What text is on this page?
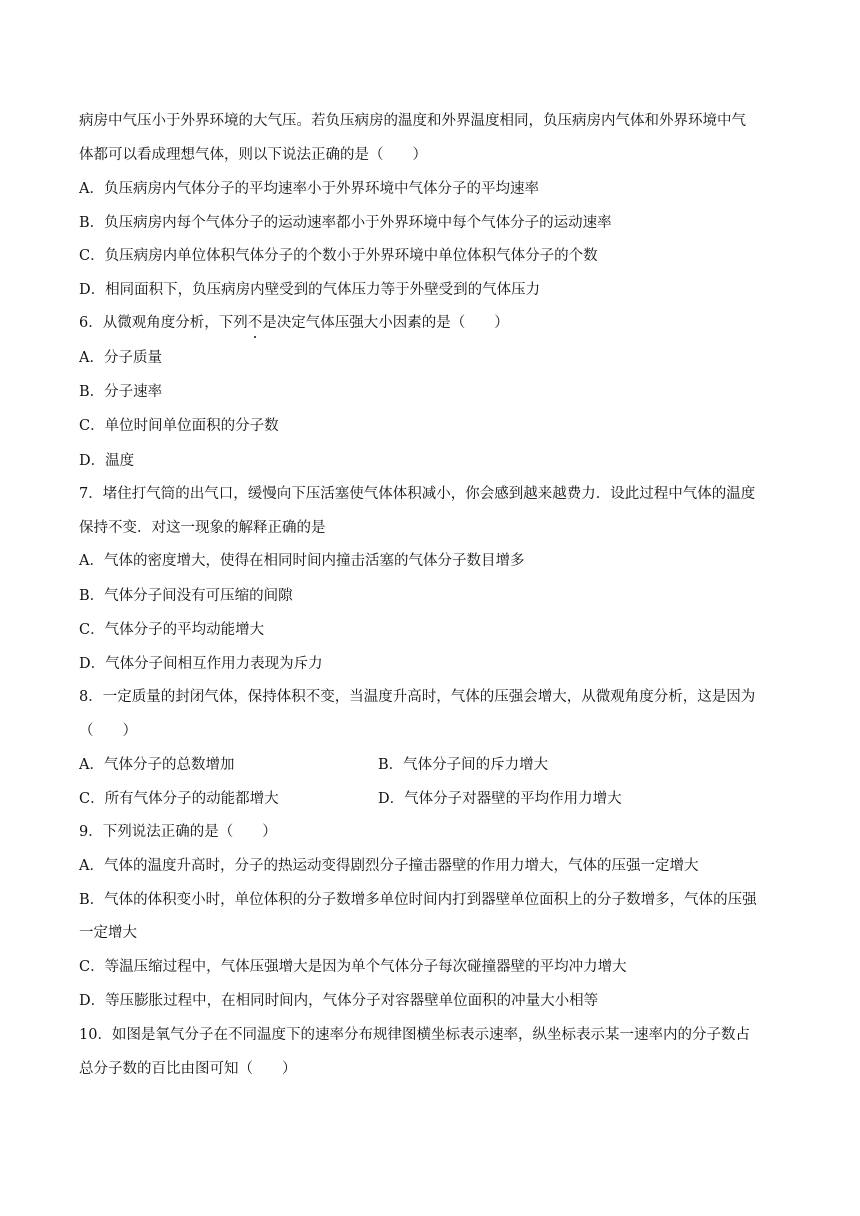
病房中气压小于外界环境的大气压。若负压病房的温度和外界温度相同，负压病房内气体和外界环境中气
体都可以看成理想气体，则以下说法正确的是（　　）
A．负压病房内气体分子的平均速率小于外界环境中气体分子的平均速率
B．负压病房内每个气体分子的运动速率都小于外界环境中每个气体分子的运动速率
C．负压病房内单位体积气体分子的个数小于外界环境中单位体积气体分子的个数
D．相同面积下，负压病房内壁受到的气体压力等于外壁受到的气体压力
6．从微观角度分析，下列不是决定气体压强大小因素的是（　　）
A．分子质量
B．分子速率
C．单位时间单位面积的分子数
D．温度
7．堵住打气筒的出气口，缓慢向下压活塞使气体体积减小，你会感到越来越费力．设此过程中气体的温度
保持不变．对这一现象的解释正确的是
A．气体的密度增大，使得在相同时间内撞击活塞的气体分子数目增多
B．气体分子间没有可压缩的间隙
C．气体分子的平均动能增大
D．气体分子间相互作用力表现为斥力
8．一定质量的封闭气体，保持体积不变，当温度升高时，气体的压强会增大，从微观角度分析，这是因为
（　　）
A．气体分子的总数增加	B．气体分子间的斥力增大
C．所有气体分子的动能都增大	D．气体分子对器壁的平均作用力增大
9．下列说法正确的是（　　）
A．气体的温度升高时，分子的热运动变得剧烈分子撞击器壁的作用力增大，气体的压强一定增大
B．气体的体积变小时，单位体积的分子数增多单位时间内打到器壁单位面积上的分子数增多，气体的压强
一定增大
C．等温压缩过程中，气体压强增大是因为单个气体分子每次碰撞器壁的平均冲力增大
D．等压膨胀过程中，在相同时间内，气体分子对容器壁单位面积的冲量大小相等
10．如图是氧气分子在不同温度下的速率分布规律图横坐标表示速率，纵坐标表示某一速率内的分子数占
总分子数的百比由图可知（　　）
